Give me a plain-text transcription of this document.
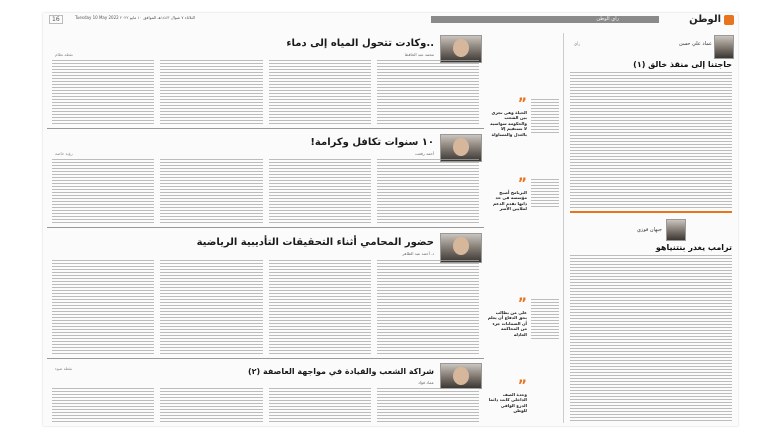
16	الثلاثاء ٧ شوال ١٤٤٣هـ الموافق ١٠ مايو ٢٠٢٢ Tuesday 10 May 2022	رأي الوطن	الوطن
..وكادت تتحول المياه إلى دماء
محمد عبد الحافظ
نقطة نظام
١٠ سنوات تكافل وكرامة!
أحمد رفعت
رؤية خاصة
حضور المحامي أثناء التحقيقات التأديبية الرياضية
د. أحمد عبد الظاهر
شراكة الشعب والقيادة في مواجهة العاصفة (٢)
عماد فؤاد
نقطة ضوء
”
الحياة وهي تجري بين الشعب والحكومة سواسية لا تستقيم إلا بالعدل والمساواة
”
البرنامج أصبح مؤسسة في حد ذاتها تقدم الدعم لملايين الأسر
”
على من يطالب بحق الدفاع أن يعلم أن الضمانات جزء من المحاكمة العادلة
”
وحدة الصف الداخلي كانت دائما الدرع الواقي للوطن
عماد علي حسن
رأي
حاجتنا إلى منقذ خالق (١)
جيهان فوزي
ترامب يغدر بنتنياهو
